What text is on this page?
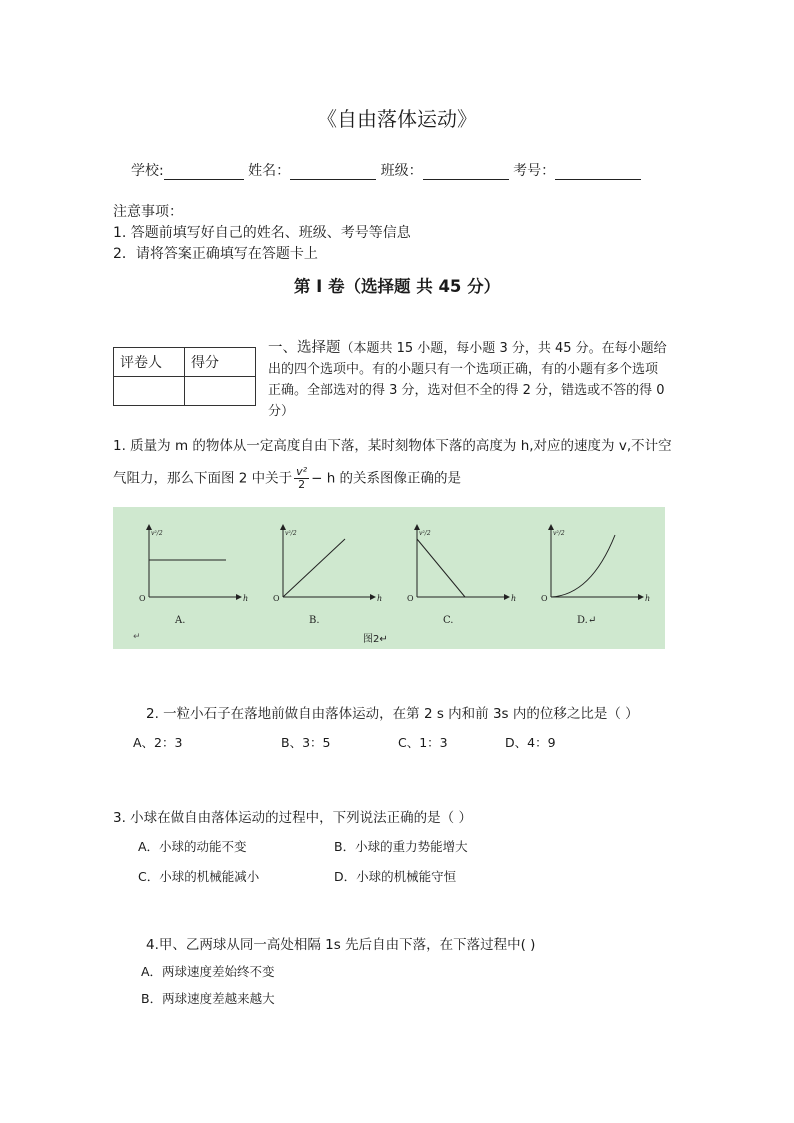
《自由落体运动》
学校:	姓名：	班级：	考号：
注意事项：
1. 答题前填写好自己的姓名、班级、考号等信息
2．请将答案正确填写在答题卡上
第 I 卷（选择题 共 45 分）
评卷人	得分

一、选择题（本题共 15 小题，每小题 3 分，共 45 分。在每小题给出的四个选项中。有的小题只有一个选项正确，有的小题有多个选项正确。全部选对的得 3 分，选对但不全的得 2 分，错选或不答的得 0 分）
1. 质量为 m 的物体从一定高度自由下落，某时刻物体下落的高度为 h,对应的速度为 v,不计空
气阻力，那么下面图 2 中关于 $\frac{\text{v²}}{2} - h$ 的关系图像正确的是
O	h
v²/2
A.
O	h
v²/2
B.
O	h
v²/2
C.
O	h
v²/2
D.↵
图2↵
↵
2. 一粒小石子在落地前做自由落体运动，在第 2 s 内和前 3s 内的位移之比是（ ）
A、2：3	B、3：5	C、1：3	D、4：9
3. 小球在做自由落体运动的过程中，下列说法正确的是（ ）
A．小球的动能不变	B．小球的重力势能增大
C．小球的机械能减小	D．小球的机械能守恒
4.甲、乙两球从同一高处相隔 1s 先后自由下落，在下落过程中( )
A．两球速度差始终不变
B．两球速度差越来越大
